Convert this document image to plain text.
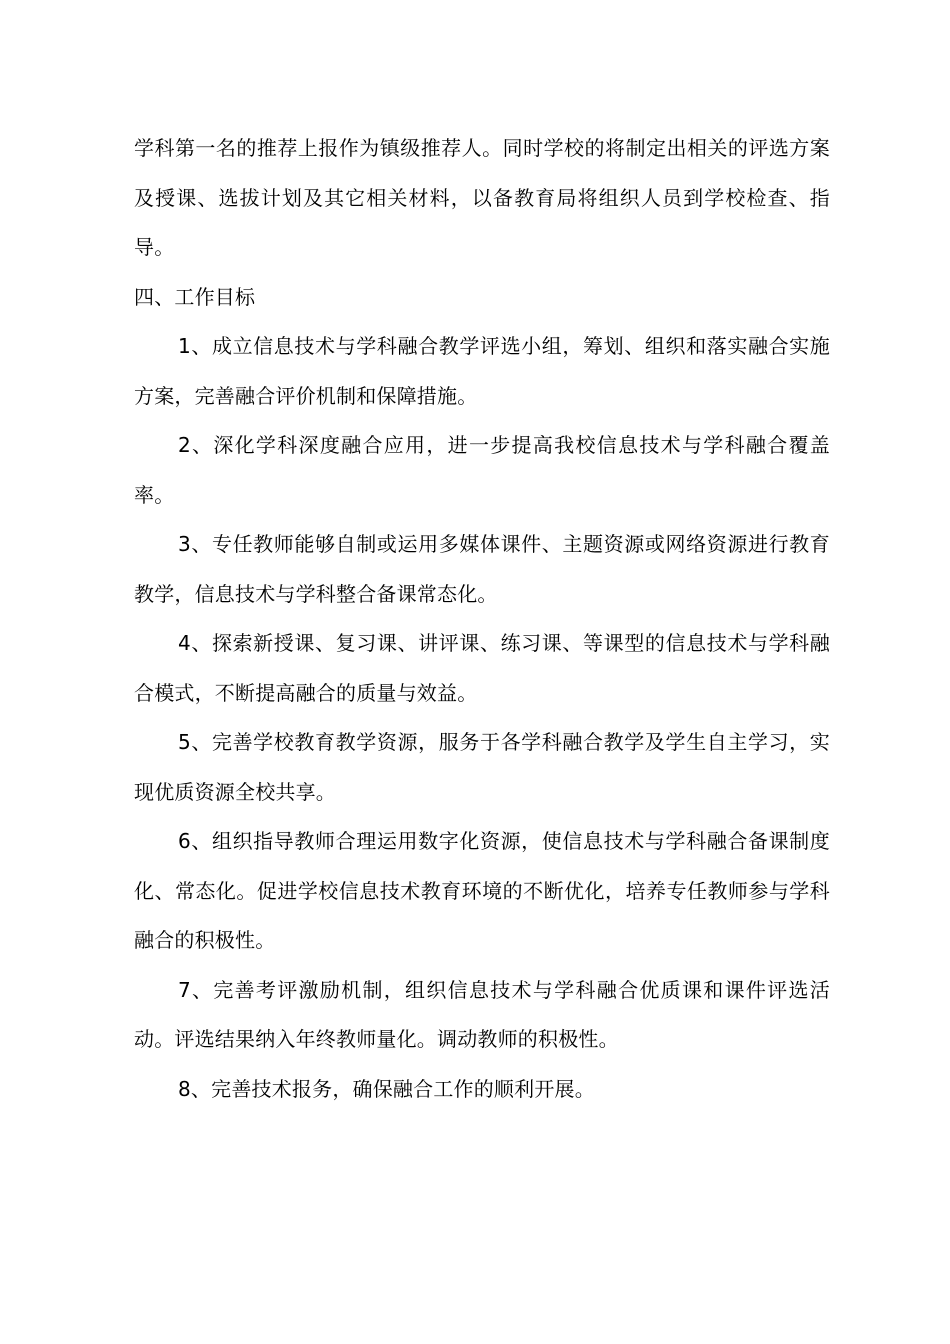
学科第一名的推荐上报作为镇级推荐人。同时学校的将制定出相关的评选方案及授课、选拔计划及其它相关材料，以备教育局将组织人员到学校检查、指导。

四、工作目标

1、成立信息技术与学科融合教学评选小组，筹划、组织和落实融合实施方案，完善融合评价机制和保障措施。

2、深化学科深度融合应用，进一步提高我校信息技术与学科融合覆盖率。

3、专任教师能够自制或运用多媒体课件、主题资源或网络资源进行教育教学，信息技术与学科整合备课常态化。

4、探索新授课、复习课、讲评课、练习课、等课型的信息技术与学科融合模式，不断提高融合的质量与效益。

5、完善学校教育教学资源，服务于各学科融合教学及学生自主学习，实现优质资源全校共享。

6、组织指导教师合理运用数字化资源，使信息技术与学科融合备课制度化、常态化。促进学校信息技术教育环境的不断优化，培养专任教师参与学科融合的积极性。

7、完善考评激励机制，组织信息技术与学科融合优质课和课件评选活动。评选结果纳入年终教师量化。调动教师的积极性。

8、完善技术报务，确保融合工作的顺利开展。
